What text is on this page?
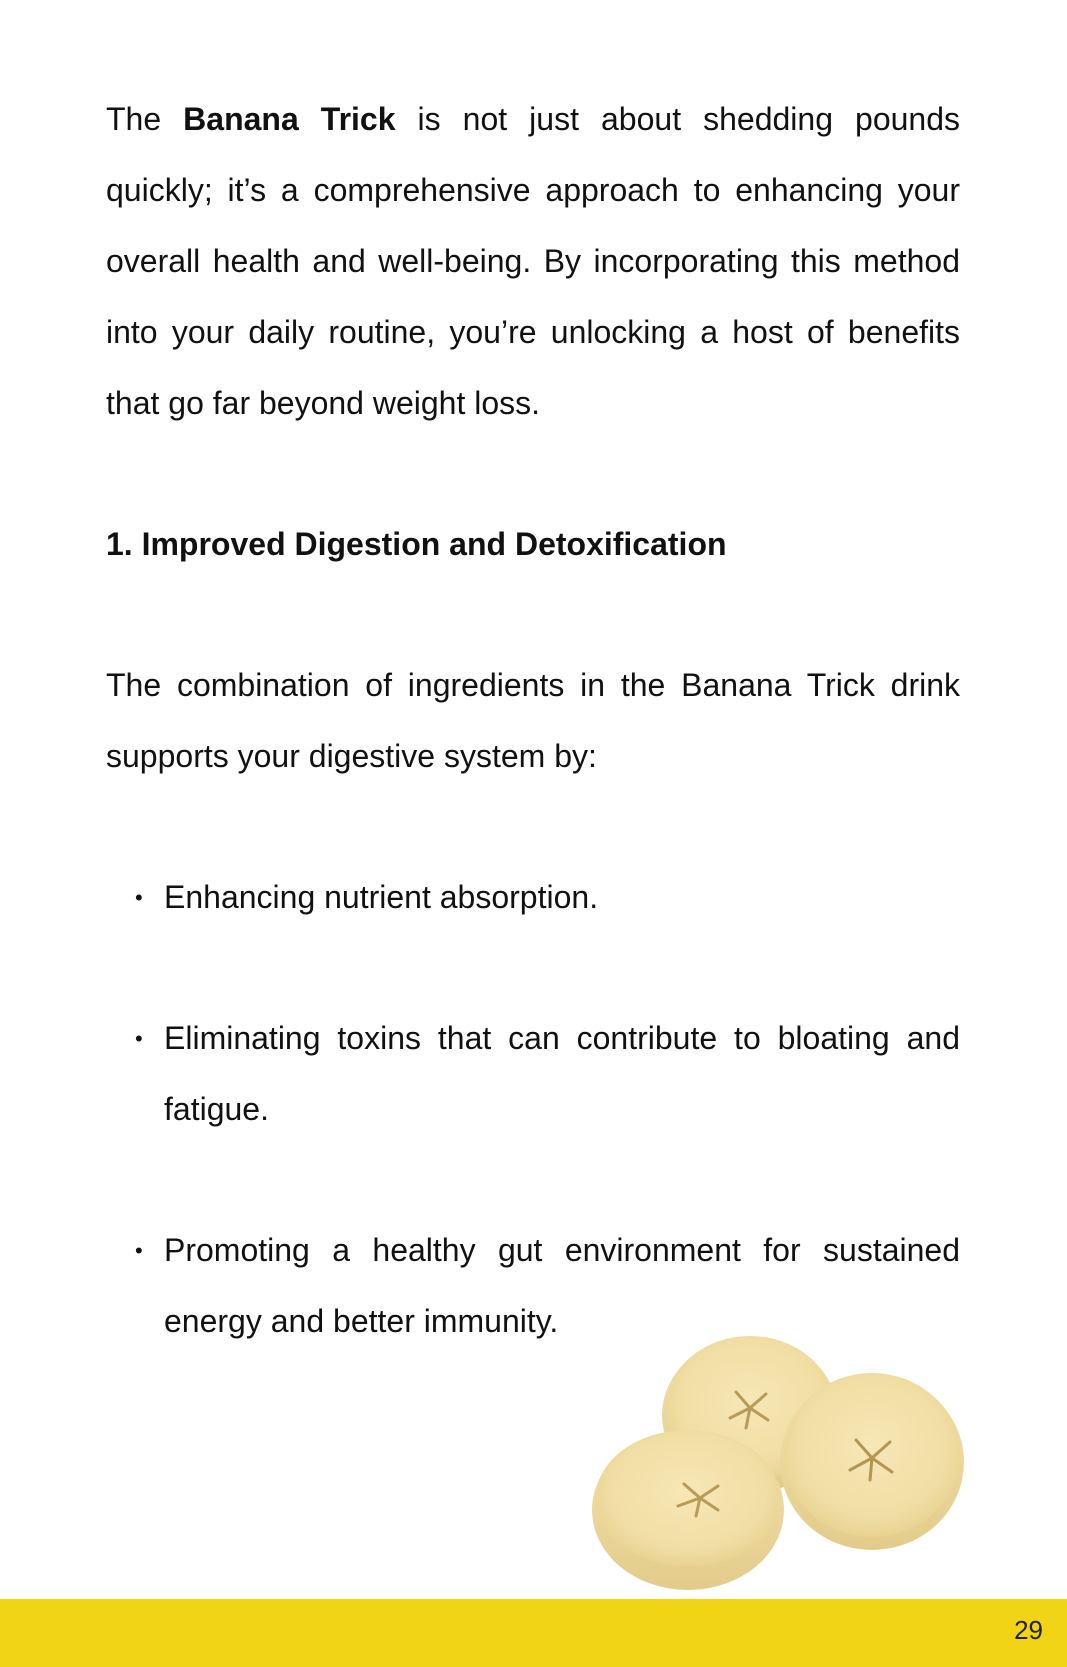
The Banana Trick is not just about shedding pounds quickly; it’s a comprehensive approach to enhancing your overall health and well-being. By incorporating this method into your daily routine, you’re unlocking a host of benefits that go far beyond weight loss.

1. Improved Digestion and Detoxification

The combination of ingredients in the Banana Trick drink supports your digestive system by:

• Enhancing nutrient absorption.
• Eliminating toxins that can contribute to bloating and fatigue.
• Promoting a healthy gut environment for sustained energy and better immunity.
29
